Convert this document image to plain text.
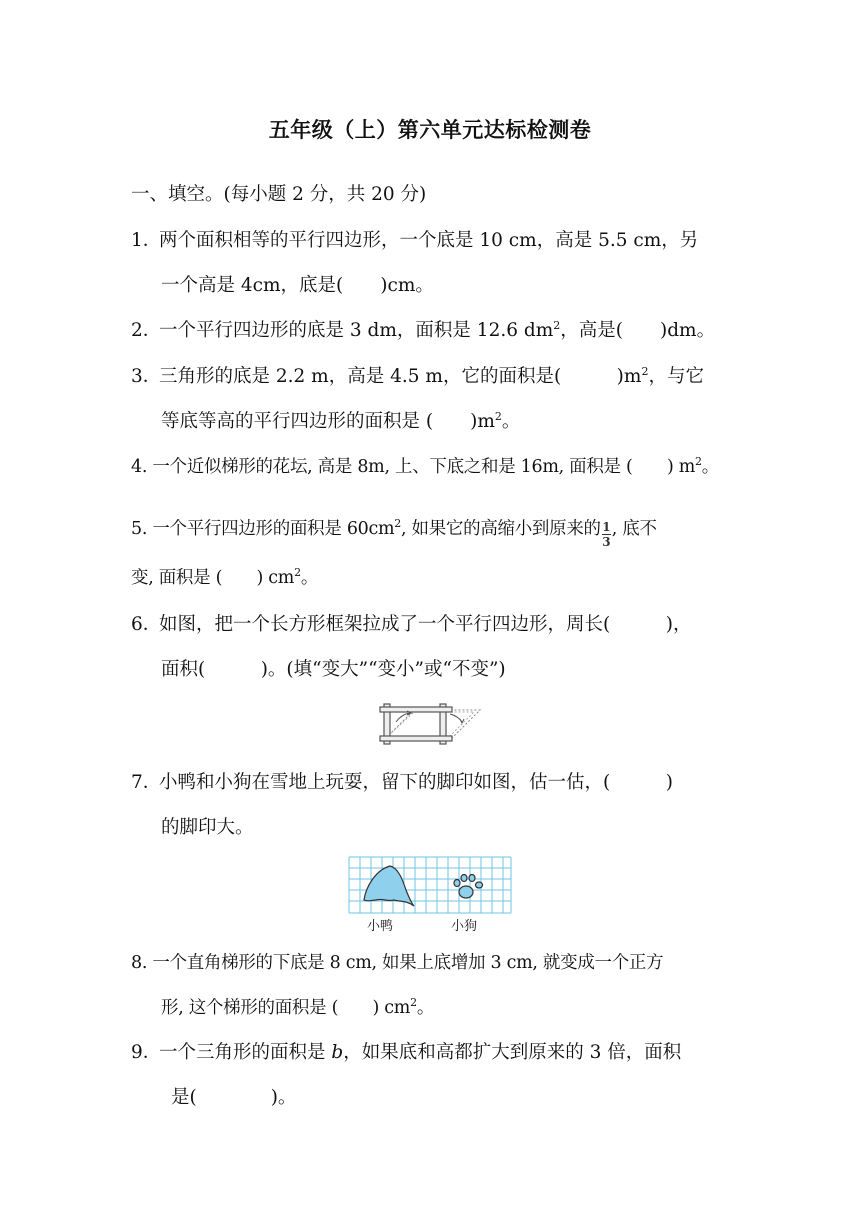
五年级（上）第六单元达标检测卷
一、填空。(每小题 2 分，共 20 分)
1．两个面积相等的平行四边形，一个底是 10 cm，高是 5.5 cm，另
一个高是 4cm，底是(　　)cm。
2．一个平行四边形的底是 3 dm，面积是 12.6 $dm^2$，高是(　　)dm。
3．三角形的底是 2.2 m，高是 4.5 m，它的面积是(　　　)$m^2$，与它
等底等高的平行四边形的面积是 (　　)$m^2$。
4. 一个近似梯形的花坛, 高是 8m, 上、下底之和是 16m, 面积是 (　　) $m^2$。
5. 一个平行四边形的面积是 $60cm^2$, 如果它的高缩小到原来的 $\frac{1}{3}$ , 底不
变, 面积是 (　　) $cm^2$。
6．如图，把一个长方形框架拉成了一个平行四边形，周长(　　　)，
面积(　　　)。(填“变大”“变小”或“不变”)
7．小鸭和小狗在雪地上玩耍，留下的脚印如图，估一估，(　　　)
的脚印大。
小鸭	小狗
8. 一个直角梯形的下底是 8 cm, 如果上底增加 3 cm, 就变成一个正方
形, 这个梯形的面积是 (　　) $cm^2$。
9．一个三角形的面积是 b，如果底和高都扩大到原来的 3 倍，面积
是(　　　　)。
